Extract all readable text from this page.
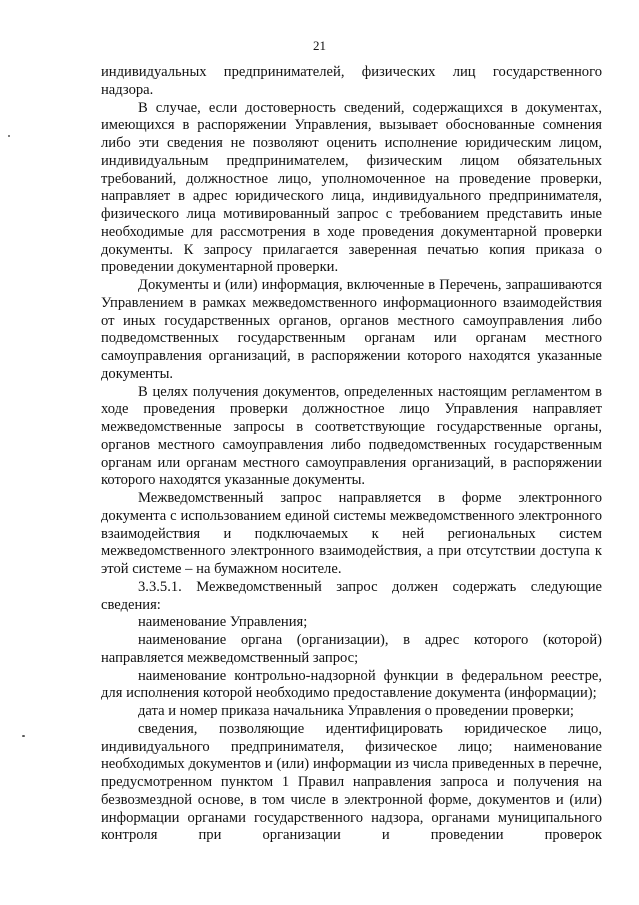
21

индивидуальных предпринимателей, физических лиц государственного надзора.

В случае, если достоверность сведений, содержащихся в документах, имеющихся в распоряжении Управления, вызывает обоснованные сомнения либо эти сведения не позволяют оценить исполнение юридическим лицом, индивидуальным предпринимателем, физическим лицом обязательных требований, должностное лицо, уполномоченное на проведение проверки, направляет в адрес юридического лица, индивидуального предпринимателя, физического лица мотивированный запрос с требованием представить иные необходимые для рассмотрения в ходе проведения документарной проверки документы. К запросу прилагается заверенная печатью копия приказа о проведении документарной проверки.

Документы и (или) информация, включенные в Перечень, запрашиваются Управлением в рамках межведомственного информационного взаимодействия от иных государственных органов, органов местного самоуправления либо подведомственных государственным органам или органам местного самоуправления организаций, в распоряжении которого находятся указанные документы.

В целях получения документов, определенных настоящим регламентом в ходе проведения проверки должностное лицо Управления направляет межведомственные запросы в соответствующие государственные органы, органов местного самоуправления либо подведомственных государственным органам или органам местного самоуправления организаций, в распоряжении которого находятся указанные документы.

Межведомственный запрос направляется в форме электронного документа с использованием единой системы межведомственного электронного взаимодействия и подключаемых к ней региональных систем межведомственного электронного взаимодействия, а при отсутствии доступа к этой системе – на бумажном носителе.

3.3.5.1. Межведомственный запрос должен содержать следующие сведения:

наименование Управления;

наименование органа (организации), в адрес которого (которой) направляется межведомственный запрос;

наименование контрольно-надзорной функции в федеральном реестре, для исполнения которой необходимо предоставление документа (информации);

дата и номер приказа начальника Управления о проведении проверки;

сведения, позволяющие идентифицировать юридическое лицо, индивидуального предпринимателя, физическое лицо; наименование необходимых документов и (или) информации из числа приведенных в перечне, предусмотренном пунктом 1 Правил направления запроса и получения на безвозмездной основе, в том числе в электронной форме, документов и (или) информации органами государственного надзора, органами муниципального контроля при организации и проведении проверок
